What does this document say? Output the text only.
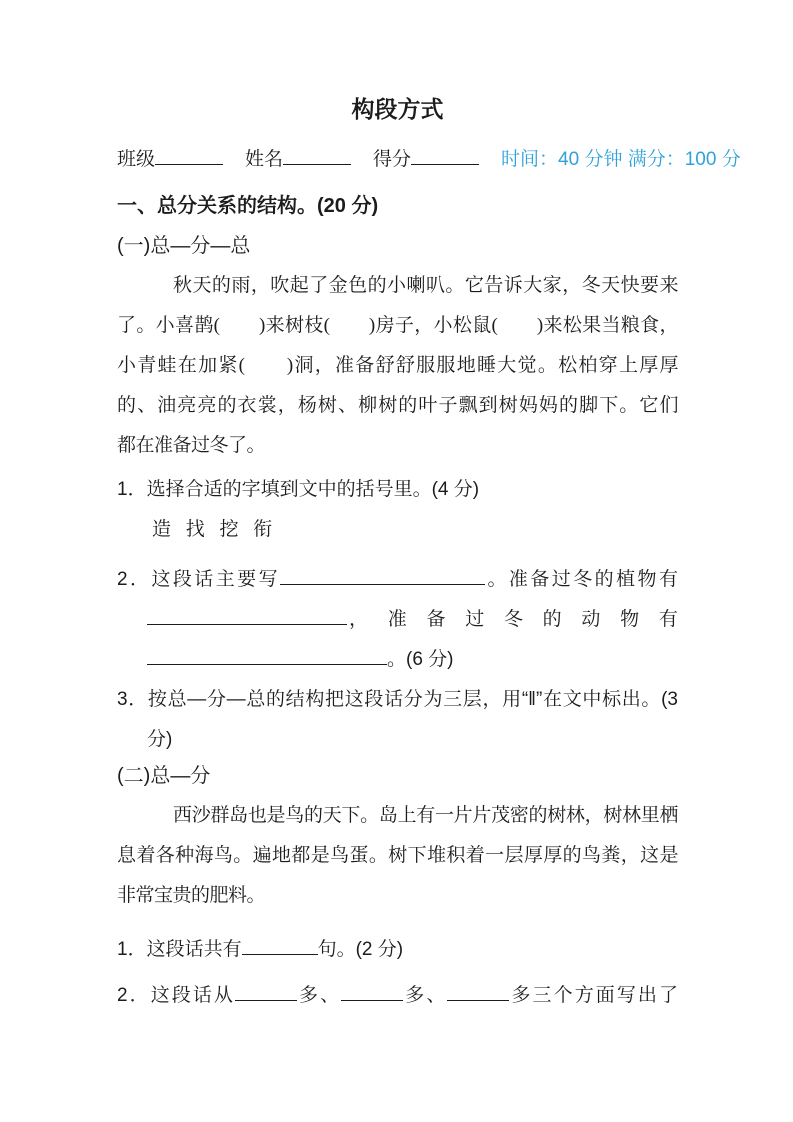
构段方式
班级	姓名	得分	时间：40 分钟 满分：100 分
一、总分关系的结构。(20 分)
(一)总—分—总
秋天的雨，吹起了金色的小喇叭。它告诉大家，冬天快要来
了。小喜鹊(　　)来树枝(　　)房子，小松鼠(　　)来松果当粮食，
小青蛙在加紧(　　)洞，准备舒舒服服地睡大觉。松柏穿上厚厚
的、油亮亮的衣裳，杨树、柳树的叶子飘到树妈妈的脚下。它们
都在准备过冬了。
1．选择合适的字填到文中的括号里。(4 分)
造 找 挖 衔
2．这段话主要写	。准备过冬的植物有
， 准 备 过 冬 的 动 物 有
。(6 分)
3．按总—分—总的结构把这段话分为三层，用“‖”在文中标出。(3
分)
(二)总—分
西沙群岛也是鸟的天下。岛上有一片片茂密的树林，树林里栖
息着各种海鸟。遍地都是鸟蛋。树下堆积着一层厚厚的鸟粪，这是
非常宝贵的肥料。
1．这段话共有	句。(2 分)
2．这段话从	多、	多、	多三个方面写出了
